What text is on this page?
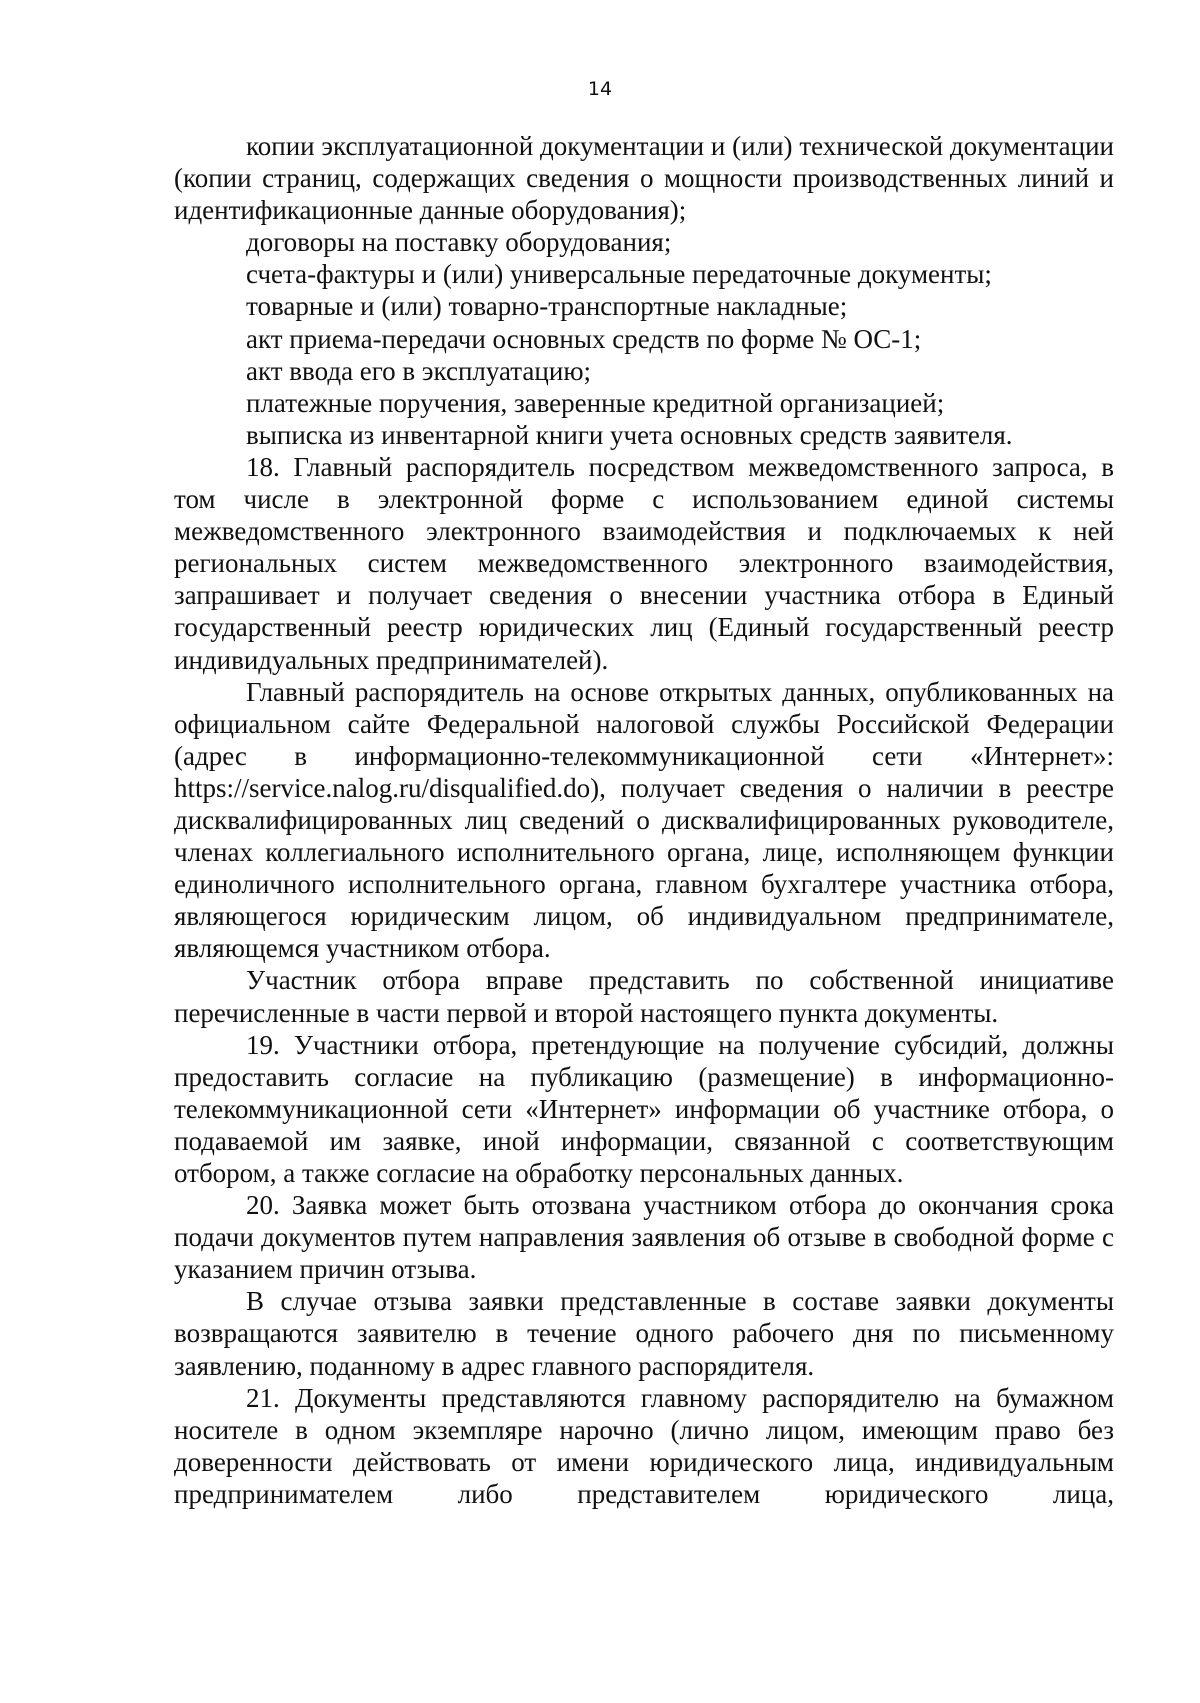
14

копии эксплуатационной документации и (или) технической документации (копии страниц, содержащих сведения о мощности производственных линий и идентификационные данные оборудования);

договоры на поставку оборудования;

счета-фактуры и (или) универсальные передаточные документы;

товарные и (или) товарно-транспортные накладные;

акт приема-передачи основных средств по форме № ОС-1;

акт ввода его в эксплуатацию;

платежные поручения, заверенные кредитной организацией;

выписка из инвентарной книги учета основных средств заявителя.

18. Главный распорядитель посредством межведомственного запроса, в том числе в электронной форме с использованием единой системы межведомственного электронного взаимодействия и подключаемых к ней региональных систем межведомственного электронного взаимодействия, запрашивает и получает сведения о внесении участника отбора в Единый государственный реестр юридических лиц (Единый государственный реестр индивидуальных предпринимателей).

Главный распорядитель на основе открытых данных, опубликованных на официальном сайте Федеральной налоговой службы Российской Федерации (адрес в информационно-телекоммуникационной сети «Интернет»: https://service.nalog.ru/disqualified.do), получает сведения о наличии в реестре дисквалифицированных лиц сведений о дисквалифицированных руководителе, членах коллегиального исполнительного органа, лице, исполняющем функции единоличного исполнительного органа, главном бухгалтере участника отбора, являющегося юридическим лицом, об индивидуальном предпринимателе, являющемся участником отбора.

Участник отбора вправе представить по собственной инициативе перечисленные в части первой и второй настоящего пункта документы.

19. Участники отбора, претендующие на получение субсидий, должны предоставить согласие на публикацию (размещение) в информационно-телекоммуникационной сети «Интернет» информации об участнике отбора, о подаваемой им заявке, иной информации, связанной с соответствующим отбором, а также согласие на обработку персональных данных.

20. Заявка может быть отозвана участником отбора до окончания срока подачи документов путем направления заявления об отзыве в свободной форме с указанием причин отзыва.

В случае отзыва заявки представленные в составе заявки документы возвращаются заявителю в течение одного рабочего дня по письменному заявлению, поданному в адрес главного распорядителя.

21. Документы представляются главному распорядителю на бумажном носителе в одном экземпляре нарочно (лично лицом, имеющим право без доверенности действовать от имени юридического лица, индивидуальным предпринимателем либо представителем юридического лица,
